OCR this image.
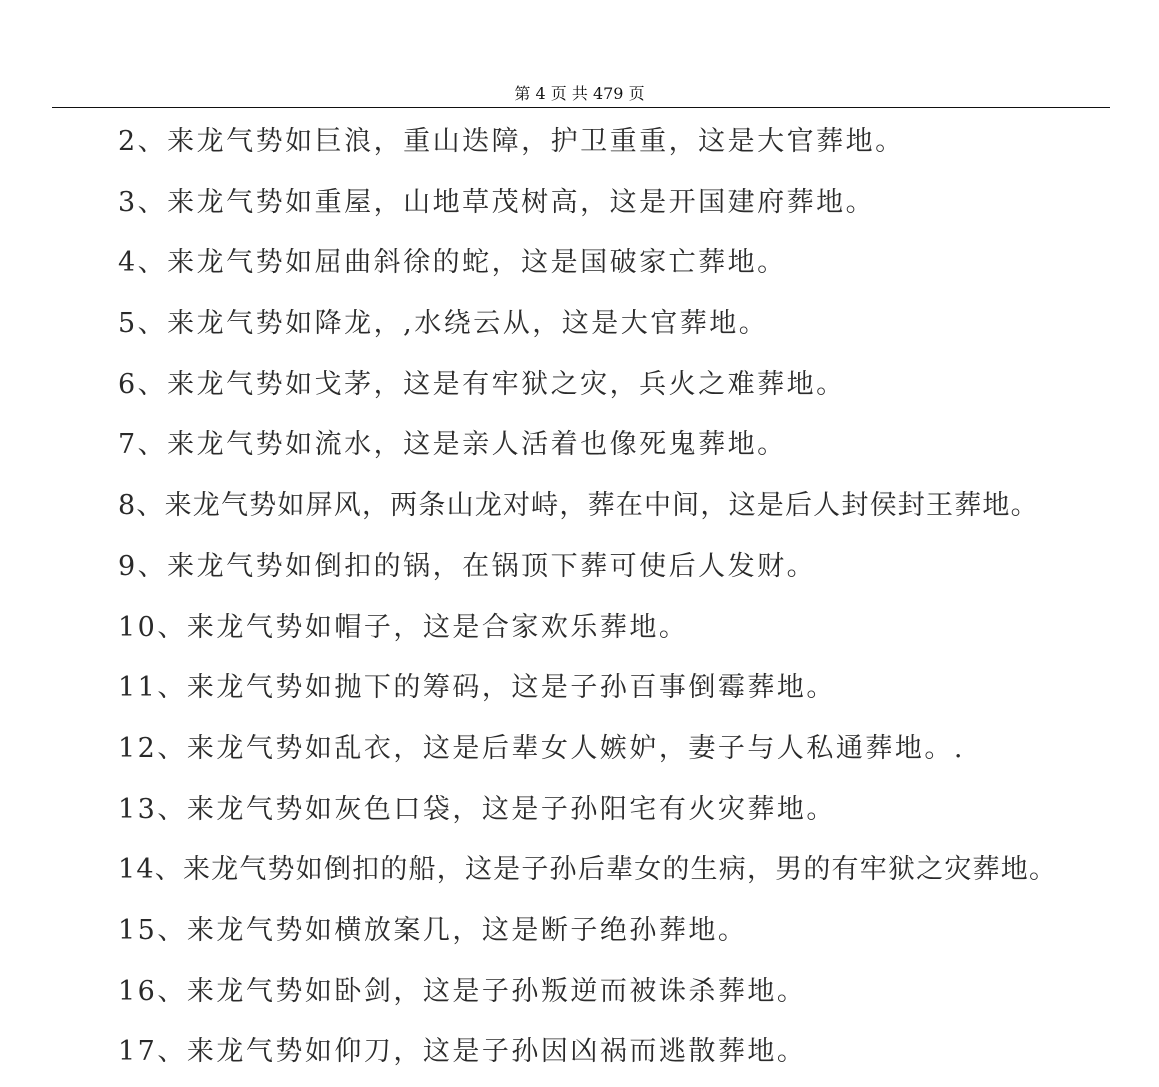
第 4 页 共 479 页
2、来龙气势如巨浪，重山迭障，护卫重重，这是大官葬地。
3、来龙气势如重屋，山地草茂树高，这是开国建府葬地。
4、来龙气势如屈曲斜徐的蛇，这是国破家亡葬地。
5、来龙气势如降龙，,水绕云从，这是大官葬地。
6、来龙气势如戈茅，这是有牢狱之灾，兵火之难葬地。
7、来龙气势如流水，这是亲人活着也像死鬼葬地。
8、来龙气势如屏风，两条山龙对峙，葬在中间，这是后人封侯封王葬地。
9、来龙气势如倒扣的锅，在锅顶下葬可使后人发财。
10、来龙气势如帽子，这是合家欢乐葬地。
11、来龙气势如抛下的筹码，这是子孙百事倒霉葬地。
12、来龙气势如乱衣，这是后辈女人嫉妒，妻子与人私通葬地。.
13、来龙气势如灰色口袋，这是子孙阳宅有火灾葬地。
14、来龙气势如倒扣的船，这是子孙后辈女的生病，男的有牢狱之灾葬地。
15、来龙气势如横放案几，这是断子绝孙葬地。
16、来龙气势如卧剑，这是子孙叛逆而被诛杀葬地。
17、来龙气势如仰刀，这是子孙因凶祸而逃散葬地。
